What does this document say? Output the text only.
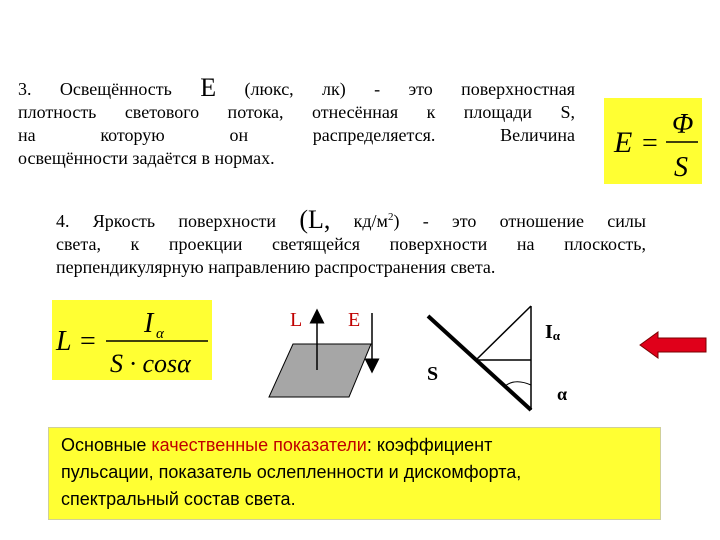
3. Освещённость E (люкс, лк) - это поверхностная
плотность светового потока, отнесённая к площади S,
на которую он распределяется. Величина
освещённости задаётся в нормах.	E =
Φ
S
4. Яркость поверхности (L, $кд/м^2$) - это отношение силы
света, к проекции светящейся поверхности на плоскость,
перпендикулярную направлению распространения света.
L =
I α
S · cosα
L E
Iα
S
α
Основные качественные показатели: коэффициент
пульсации, показатель ослепленности и дискомфорта,
спектральный состав света.
